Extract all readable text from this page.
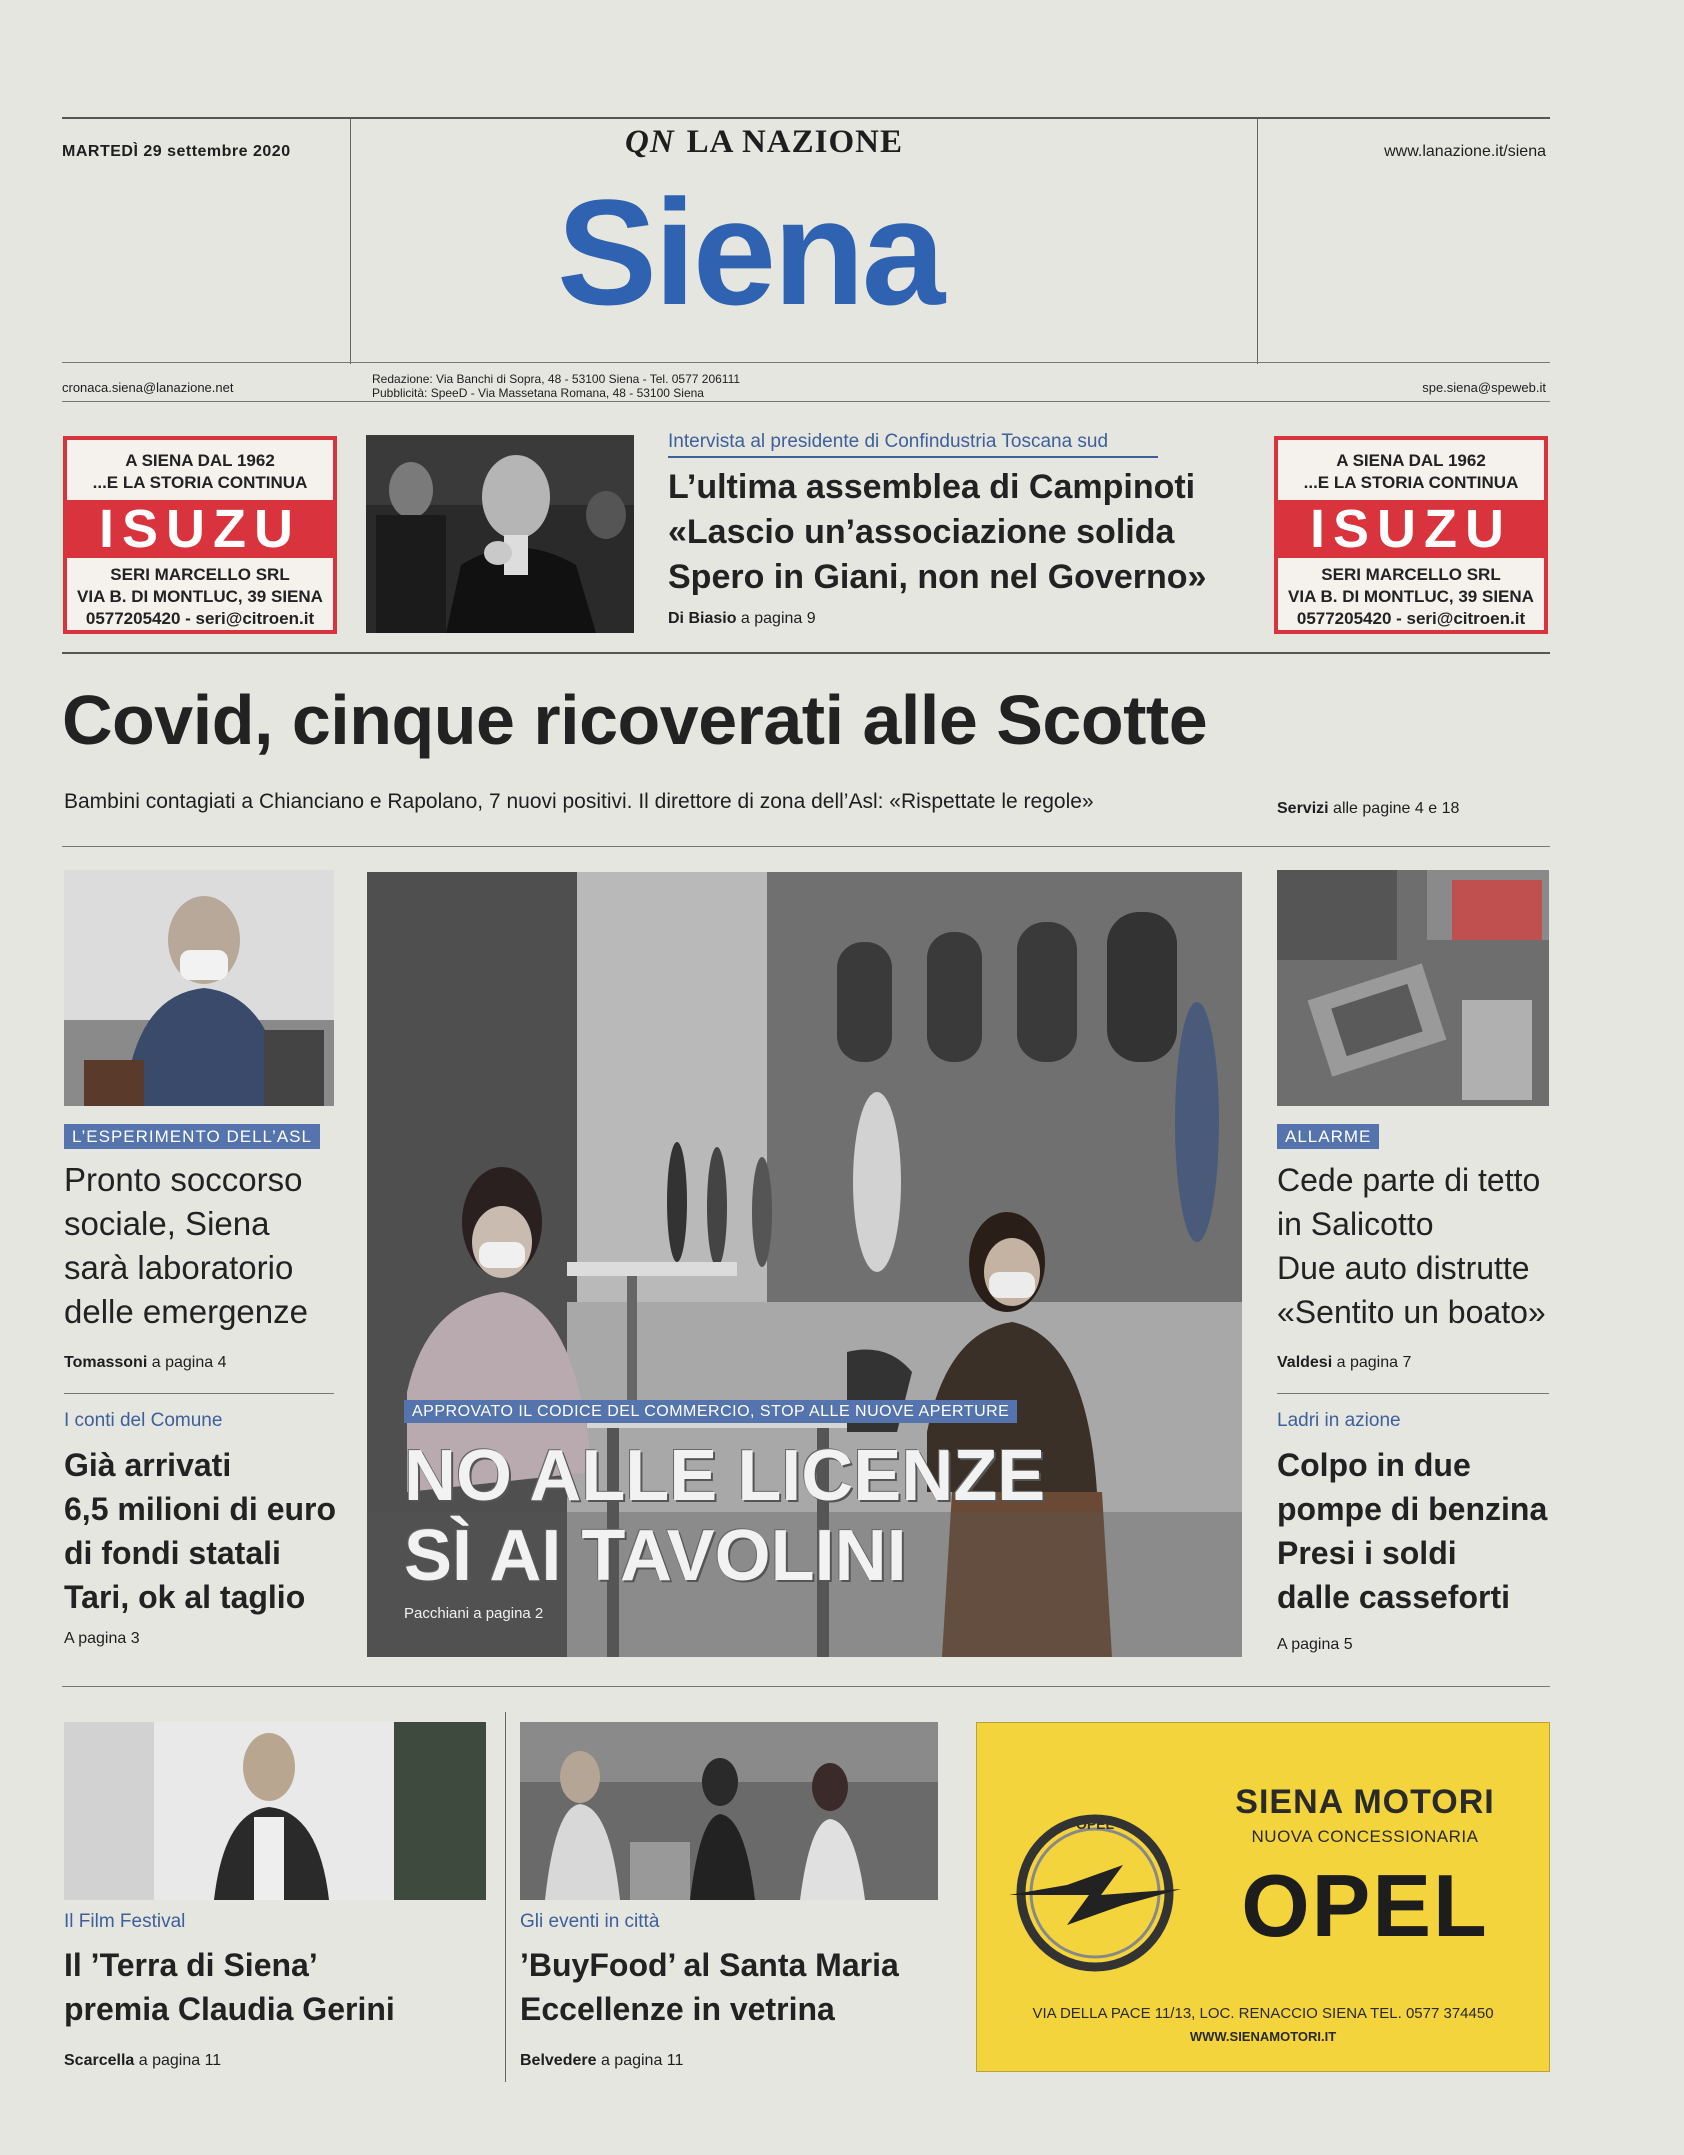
MARTEDÌ 29 settembre 2020	QN LA NAZIONE	www.lanazione.it/siena
Siena
cronaca.siena@lanazione.net
Redazione: Via Banchi di Sopra, 48 - 53100 Siena - Tel. 0577 206111
Pubblicità: SpeeD - Via Massetana Romana, 48 - 53100 Siena	spe.siena@speweb.it
A SIENA DAL 1962
...E LA STORIA CONTINUA
ISUZU
SERI MARCELLO SRL
VIA B. DI MONTLUC, 39 SIENA
0577205420 - seri@citroen.it
Intervista al presidente di Confindustria Toscana sud
L’ultima assemblea di Campinoti
«Lascio un’associazione solida
Spero in Giani, non nel Governo»
Di Biasio a pagina 9
A SIENA DAL 1962
...E LA STORIA CONTINUA
ISUZU
SERI MARCELLO SRL
VIA B. DI MONTLUC, 39 SIENA
0577205420 - seri@citroen.it
Covid, cinque ricoverati alle Scotte
Bambini contagiati a Chianciano e Rapolano, 7 nuovi positivi. Il direttore di zona dell’Asl: «Rispettate le regole»	Servizi alle pagine 4 e 18
L’ESPERIMENTO DELL’ASL
Pronto soccorso
sociale, Siena
sarà laboratorio
delle emergenze
Tomassoni a pagina 4
I conti del Comune
Già arrivati
6,5 milioni di euro
di fondi statali
Tari, ok al taglio
A pagina 3
APPROVATO IL CODICE DEL COMMERCIO, STOP ALLE NUOVE APERTURE
NO ALLE LICENZE
SÌ AI TAVOLINI
Pacchiani a pagina 2
ALLARME
Cede parte di tetto
in Salicotto
Due auto distrutte
«Sentito un boato»
Valdesi a pagina 7
Ladri in azione
Colpo in due
pompe di benzina
Presi i soldi
dalle casseforti
A pagina 5
Il Film Festival
Il ’Terra di Siena’
premia Claudia Gerini
Scarcella a pagina 11
Gli eventi in città
’BuyFood’ al Santa Maria
Eccellenze in vetrina
Belvedere a pagina 11
OPEL
SIENA MOTORI
NUOVA CONCESSIONARIA
OPEL
VIA DELLA PACE 11/13, LOC. RENACCIO SIENA TEL. 0577 374450
WWW.SIENAMOTORI.IT
